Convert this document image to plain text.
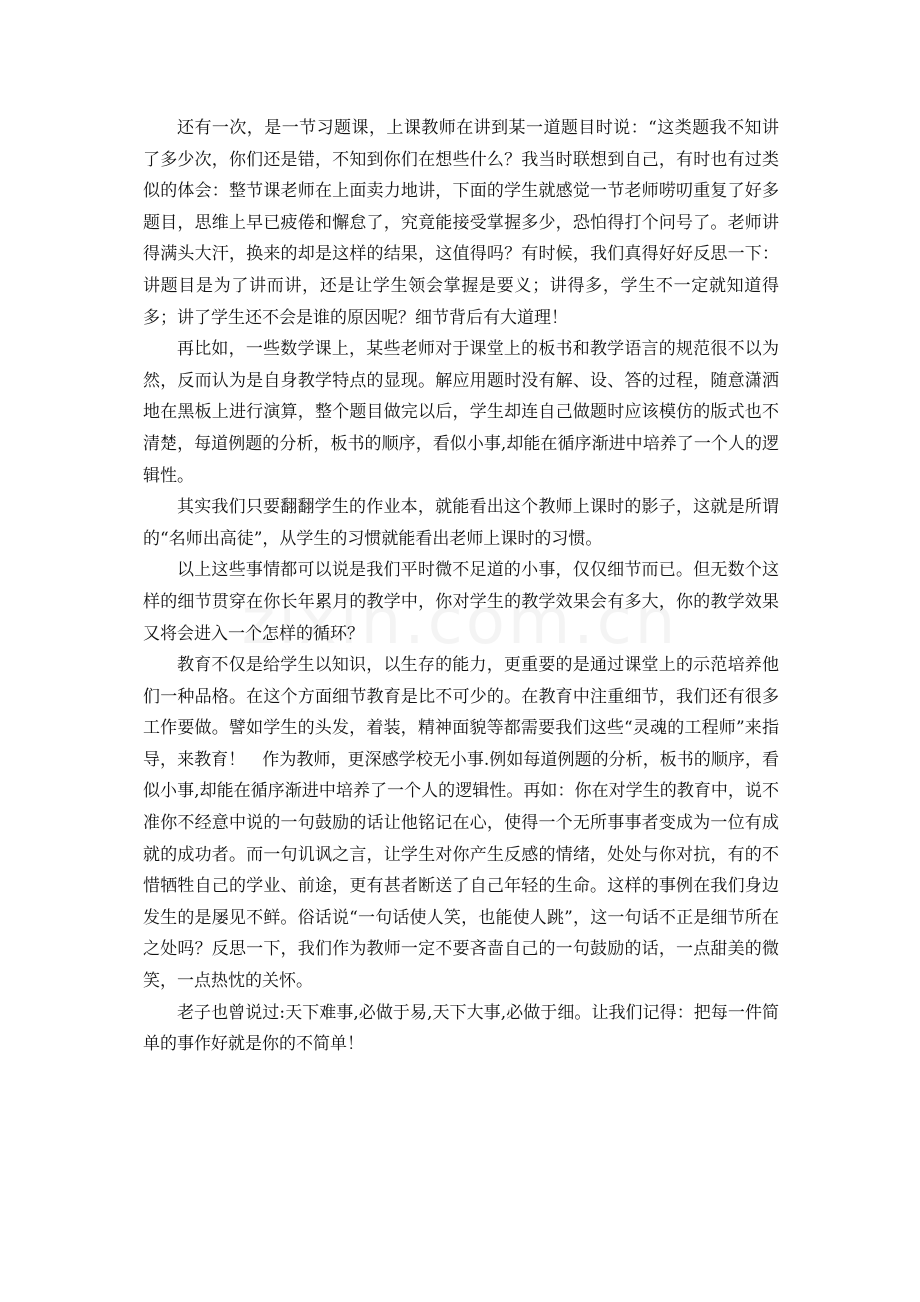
还有一次，是一节习题课，上课教师在讲到某一道题目时说：“这类题我不知讲了多少次，你们还是错，不知到你们在想些什么？我当时联想到自己，有时也有过类似的体会：整节课老师在上面卖力地讲，下面的学生就感觉一节老师唠叨重复了好多题目，思维上早已疲倦和懈怠了，究竟能接受掌握多少，恐怕得打个问号了。老师讲得满头大汗，换来的却是这样的结果，这值得吗？有时候，我们真得好好反思一下：讲题目是为了讲而讲，还是让学生领会掌握是要义；讲得多，学生不一定就知道得多；讲了学生还不会是谁的原因呢？细节背后有大道理！

再比如，一些数学课上，某些老师对于课堂上的板书和教学语言的规范很不以为然，反而认为是自身教学特点的显现。解应用题时没有解、设、答的过程，随意潇洒地在黑板上进行演算，整个题目做完以后，学生却连自己做题时应该模仿的版式也不清楚，每道例题的分析，板书的顺序，看似小事,却能在循序渐进中培养了一个人的逻辑性。

其实我们只要翻翻学生的作业本，就能看出这个教师上课时的影子，这就是所谓的“名师出高徒”，从学生的习惯就能看出老师上课时的习惯。

以上这些事情都可以说是我们平时微不足道的小事，仅仅细节而已。但无数个这样的细节贯穿在你长年累月的教学中，你对学生的教学效果会有多大，你的教学效果又将会进入一个怎样的循环？

教育不仅是给学生以知识，以生存的能力，更重要的是通过课堂上的示范培养他们一种品格。在这个方面细节教育是比不可少的。在教育中注重细节，我们还有很多工作要做。譬如学生的头发，着装，精神面貌等都需要我们这些“灵魂的工程师”来指导，来教育！　作为教师，更深感学校无小事.例如每道例题的分析，板书的顺序，看似小事,却能在循序渐进中培养了一个人的逻辑性。再如：你在对学生的教育中，说不准你不经意中说的一句鼓励的话让他铭记在心，使得一个无所事事者变成为一位有成就的成功者。而一句讥讽之言，让学生对你产生反感的情绪，处处与你对抗，有的不惜牺牲自己的学业、前途，更有甚者断送了自己年轻的生命。这样的事例在我们身边发生的是屡见不鲜。俗话说“一句话使人笑，也能使人跳”，这一句话不正是细节所在之处吗？反思一下，我们作为教师一定不要吝啬自己的一句鼓励的话，一点甜美的微笑，一点热忱的关怀。

老子也曾说过:天下难事,必做于易,天下大事,必做于细。让我们记得：把每一件简单的事作好就是你的不简单！
